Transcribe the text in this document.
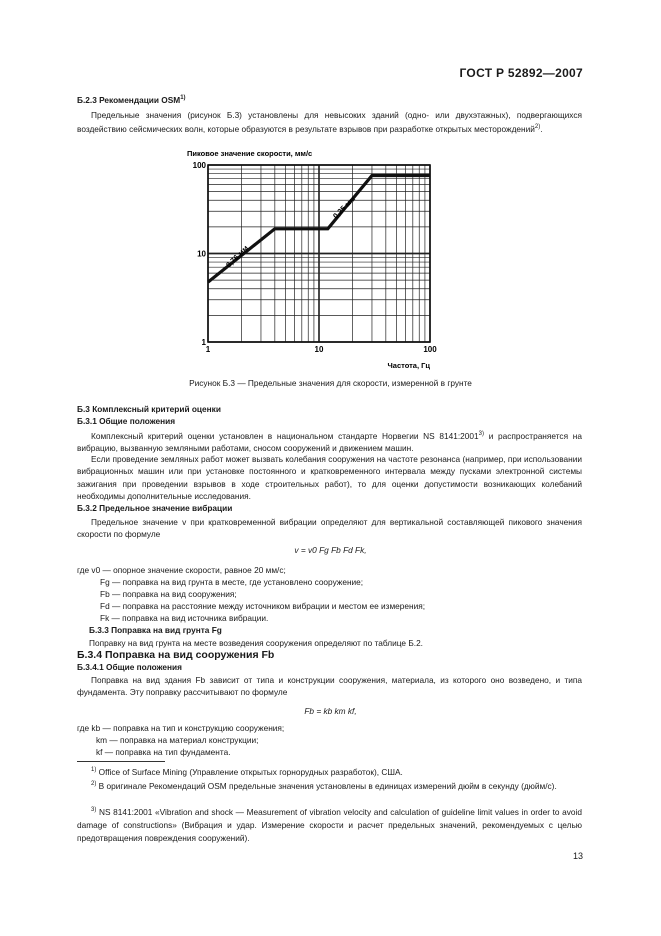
ГОСТ Р 52892—2007
Б.2.3 Рекомендации OSM$^{1)}$
Предельные значения (рисунок Б.3) установлены для невысоких зданий (одно- или двухэтажных), подвергающихся воздействию сейсмических волн, которые образуются в результате взрывов при разработке открытых месторождений$^{2)}$.
Пиковое значение скорости, мм/с
1
10
100
1	10	100
0,76 мм
0,25 мм
Частота, Гц
Рисунок Б.3 — Предельные значения для скорости, измеренной в грунте
Б.3 Комплексный критерий оценки
Б.3.1 Общие положения
Комплексный критерий оценки установлен в национальном стандарте Норвегии NS 8141:2001$^{3)}$ и распространяется на вибрацию, вызванную земляными работами, сносом сооружений и движением машин.
Если проведение земляных работ может вызвать колебания сооружения на частоте резонанса (например, при использовании вибрационных машин или при установке постоянного и кратковременного интервала между пусками электронной системы зажигания при проведении взрывов в ходе строительных работ), то для оценки допустимости возникающих колебаний необходимы дополнительные исследования.
Б.3.2 Предельное значение вибрации
Предельное значение v при кратковременной вибрации определяют для вертикальной составляющей пикового значения скорости по формуле
v = v0 Fg Fb Fd Fk,
где v0 — опорное значение скорости, равное 20 мм/с;
Fg — поправка на вид грунта в месте, где установлено сооружение;
Fb — поправка на вид сооружения;
Fd — поправка на расстояние между источником вибрации и местом ее измерения;
Fk — поправка на вид источника вибрации.
Б.3.3 Поправка на вид грунта Fg
Поправку на вид грунта на месте возведения сооружения определяют по таблице Б.2.
Б.3.4 Поправка на вид сооружения Fb
Б.3.4.1 Общие положения
Поправка на вид здания Fb зависит от типа и конструкции сооружения, материала, из которого оно возведено, и типа фундамента. Эту поправку рассчитывают по формуле
Fb = kb km kf,
где kb — поправка на тип и конструкцию сооружения;
km — поправка на материал конструкции;
kf — поправка на тип фундамента.
$^{1)}$ Office of Surface Mining (Управление открытых горнорудных разработок), США.
$^{2)}$ В оригинале Рекомендаций OSM предельные значения установлены в единицах измерений дюйм в секунду (дюйм/с).
$^{3)}$ NS 8141:2001 «Vibration and shock — Measurement of vibration velocity and calculation of guideline limit values in order to avoid damage of constructions» (Вибрация и удар. Измерение скорости и расчет предельных значений, рекомендуемых с целью предотвращения повреждения сооружений).
13
